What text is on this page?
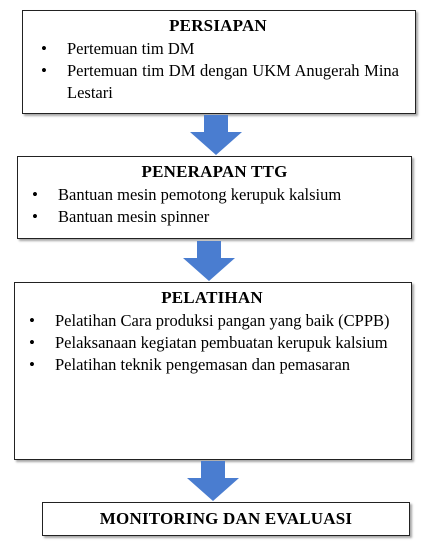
PERSIAPAN
• Pertemuan tim DM
• Pertemuan tim DM dengan UKM Anugerah Mina Lestari
PENERAPAN TTG
• Bantuan mesin pemotong kerupuk kalsium
• Bantuan mesin spinner
PELATIHAN
• Pelatihan Cara produksi pangan yang baik (CPPB)
• Pelaksanaan kegiatan pembuatan kerupuk kalsium
• Pelatihan teknik pengemasan dan pemasaran
MONITORING DAN EVALUASI
